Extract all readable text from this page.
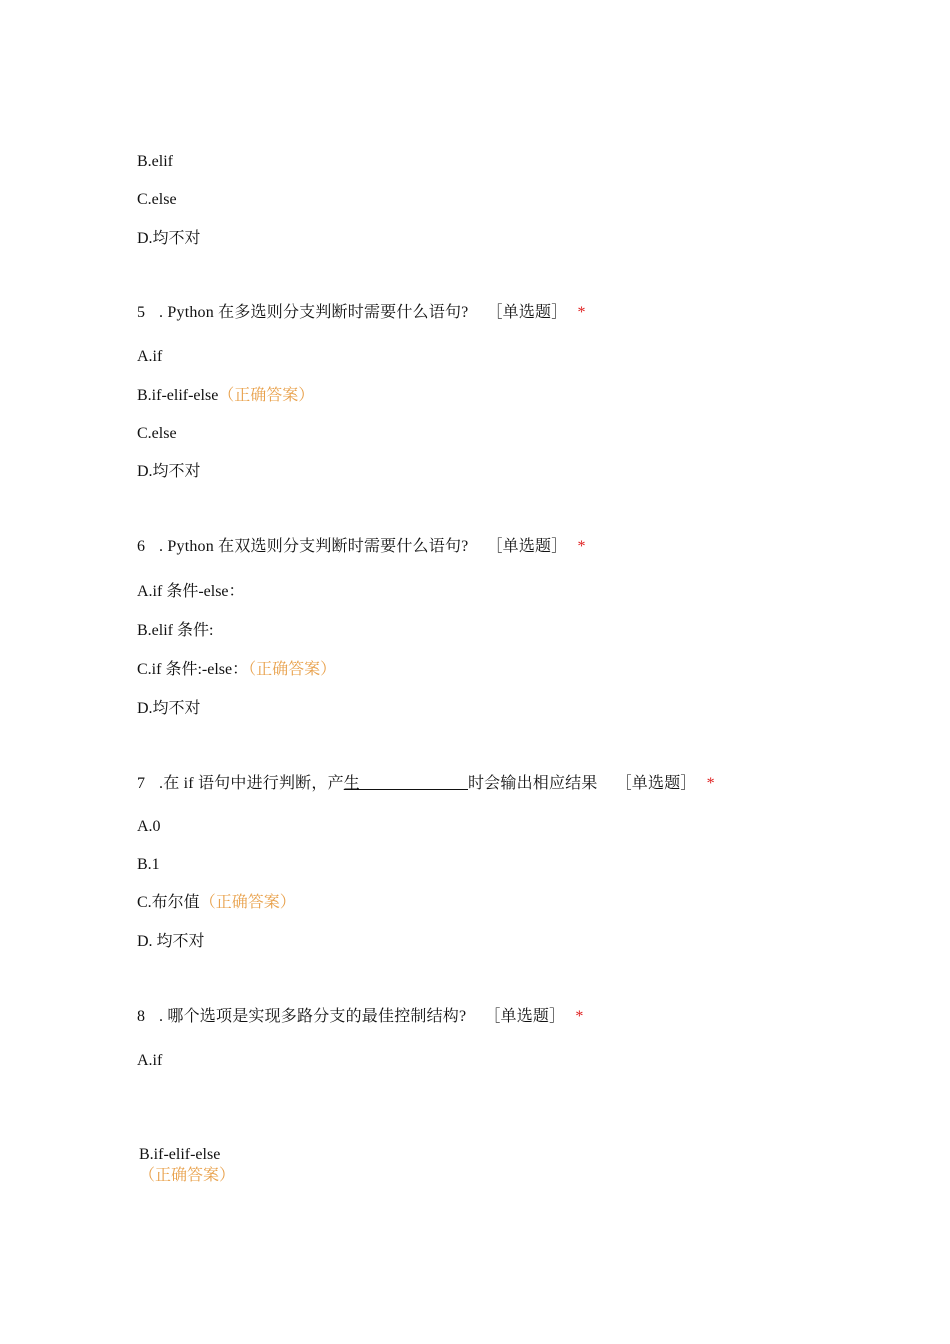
B.elif
C.else
D.均不对
5 . Python 在多选则分支判断时需要什么语句? ［单选题］ *
A.if
B.if-elif-else（正确答案）
C.else
D.均不对
6 . Python 在双选则分支判断时需要什么语句? ［单选题］ *
A.if 条件-else：
B.elif 条件:
C.if 条件:-else：（正确答案）
D.均不对
7 .在 if 语句中进行判断，产生	时会输出相应结果 ［单选题］ *
A.0
B.1
C.布尔值（正确答案）
D. 均不对
8 . 哪个选项是实现多路分支的最佳控制结构? ［单选题］ *
A.if
B.if-elif-else（正确答案）
